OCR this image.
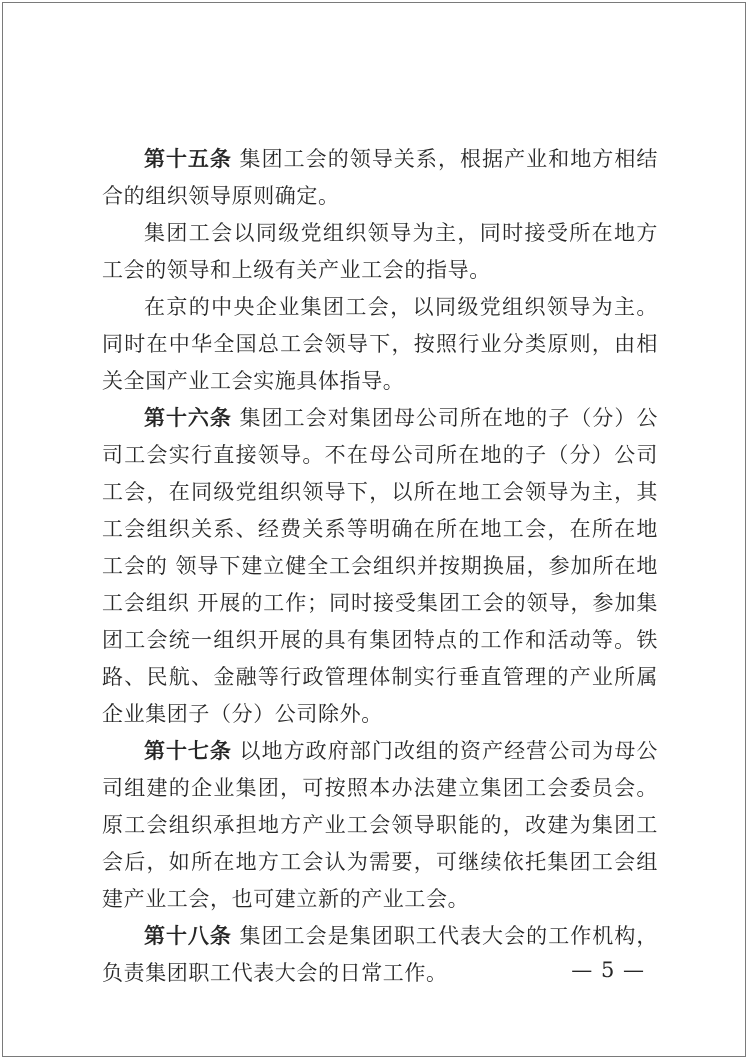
第十五条 集团工会的领导关系，根据产业和地方相结合的组织领导原则确定。

集团工会以同级党组织领导为主，同时接受所在地方工会的领导和上级有关产业工会的指导。

在京的中央企业集团工会，以同级党组织领导为主。同时在中华全国总工会领导下，按照行业分类原则，由相关全国产业工会实施具体指导。

第十六条 集团工会对集团母公司所在地的子（分）公司工会实行直接领导。不在母公司所在地的子（分）公司工会，在同级党组织领导下，以所在地工会领导为主，其工会组织关系、经费关系等明确在所在地工会，在所在地工会的 领导下建立健全工会组织并按期换届，参加所在地工会组织 开展的工作；同时接受集团工会的领导，参加集团工会统一组织开展的具有集团特点的工作和活动等。铁路、民航、金融等行政管理体制实行垂直管理的产业所属企业集团子（分）公司除外。

第十七条 以地方政府部门改组的资产经营公司为母公司组建的企业集团，可按照本办法建立集团工会委员会。原工会组织承担地方产业工会领导职能的，改建为集团工会后，如所在地方工会认为需要，可继续依托集团工会组建产业工会，也可建立新的产业工会。

第十八条 集团工会是集团职工代表大会的工作机构，负责集团职工代表大会的日常工作。	— 5 —
